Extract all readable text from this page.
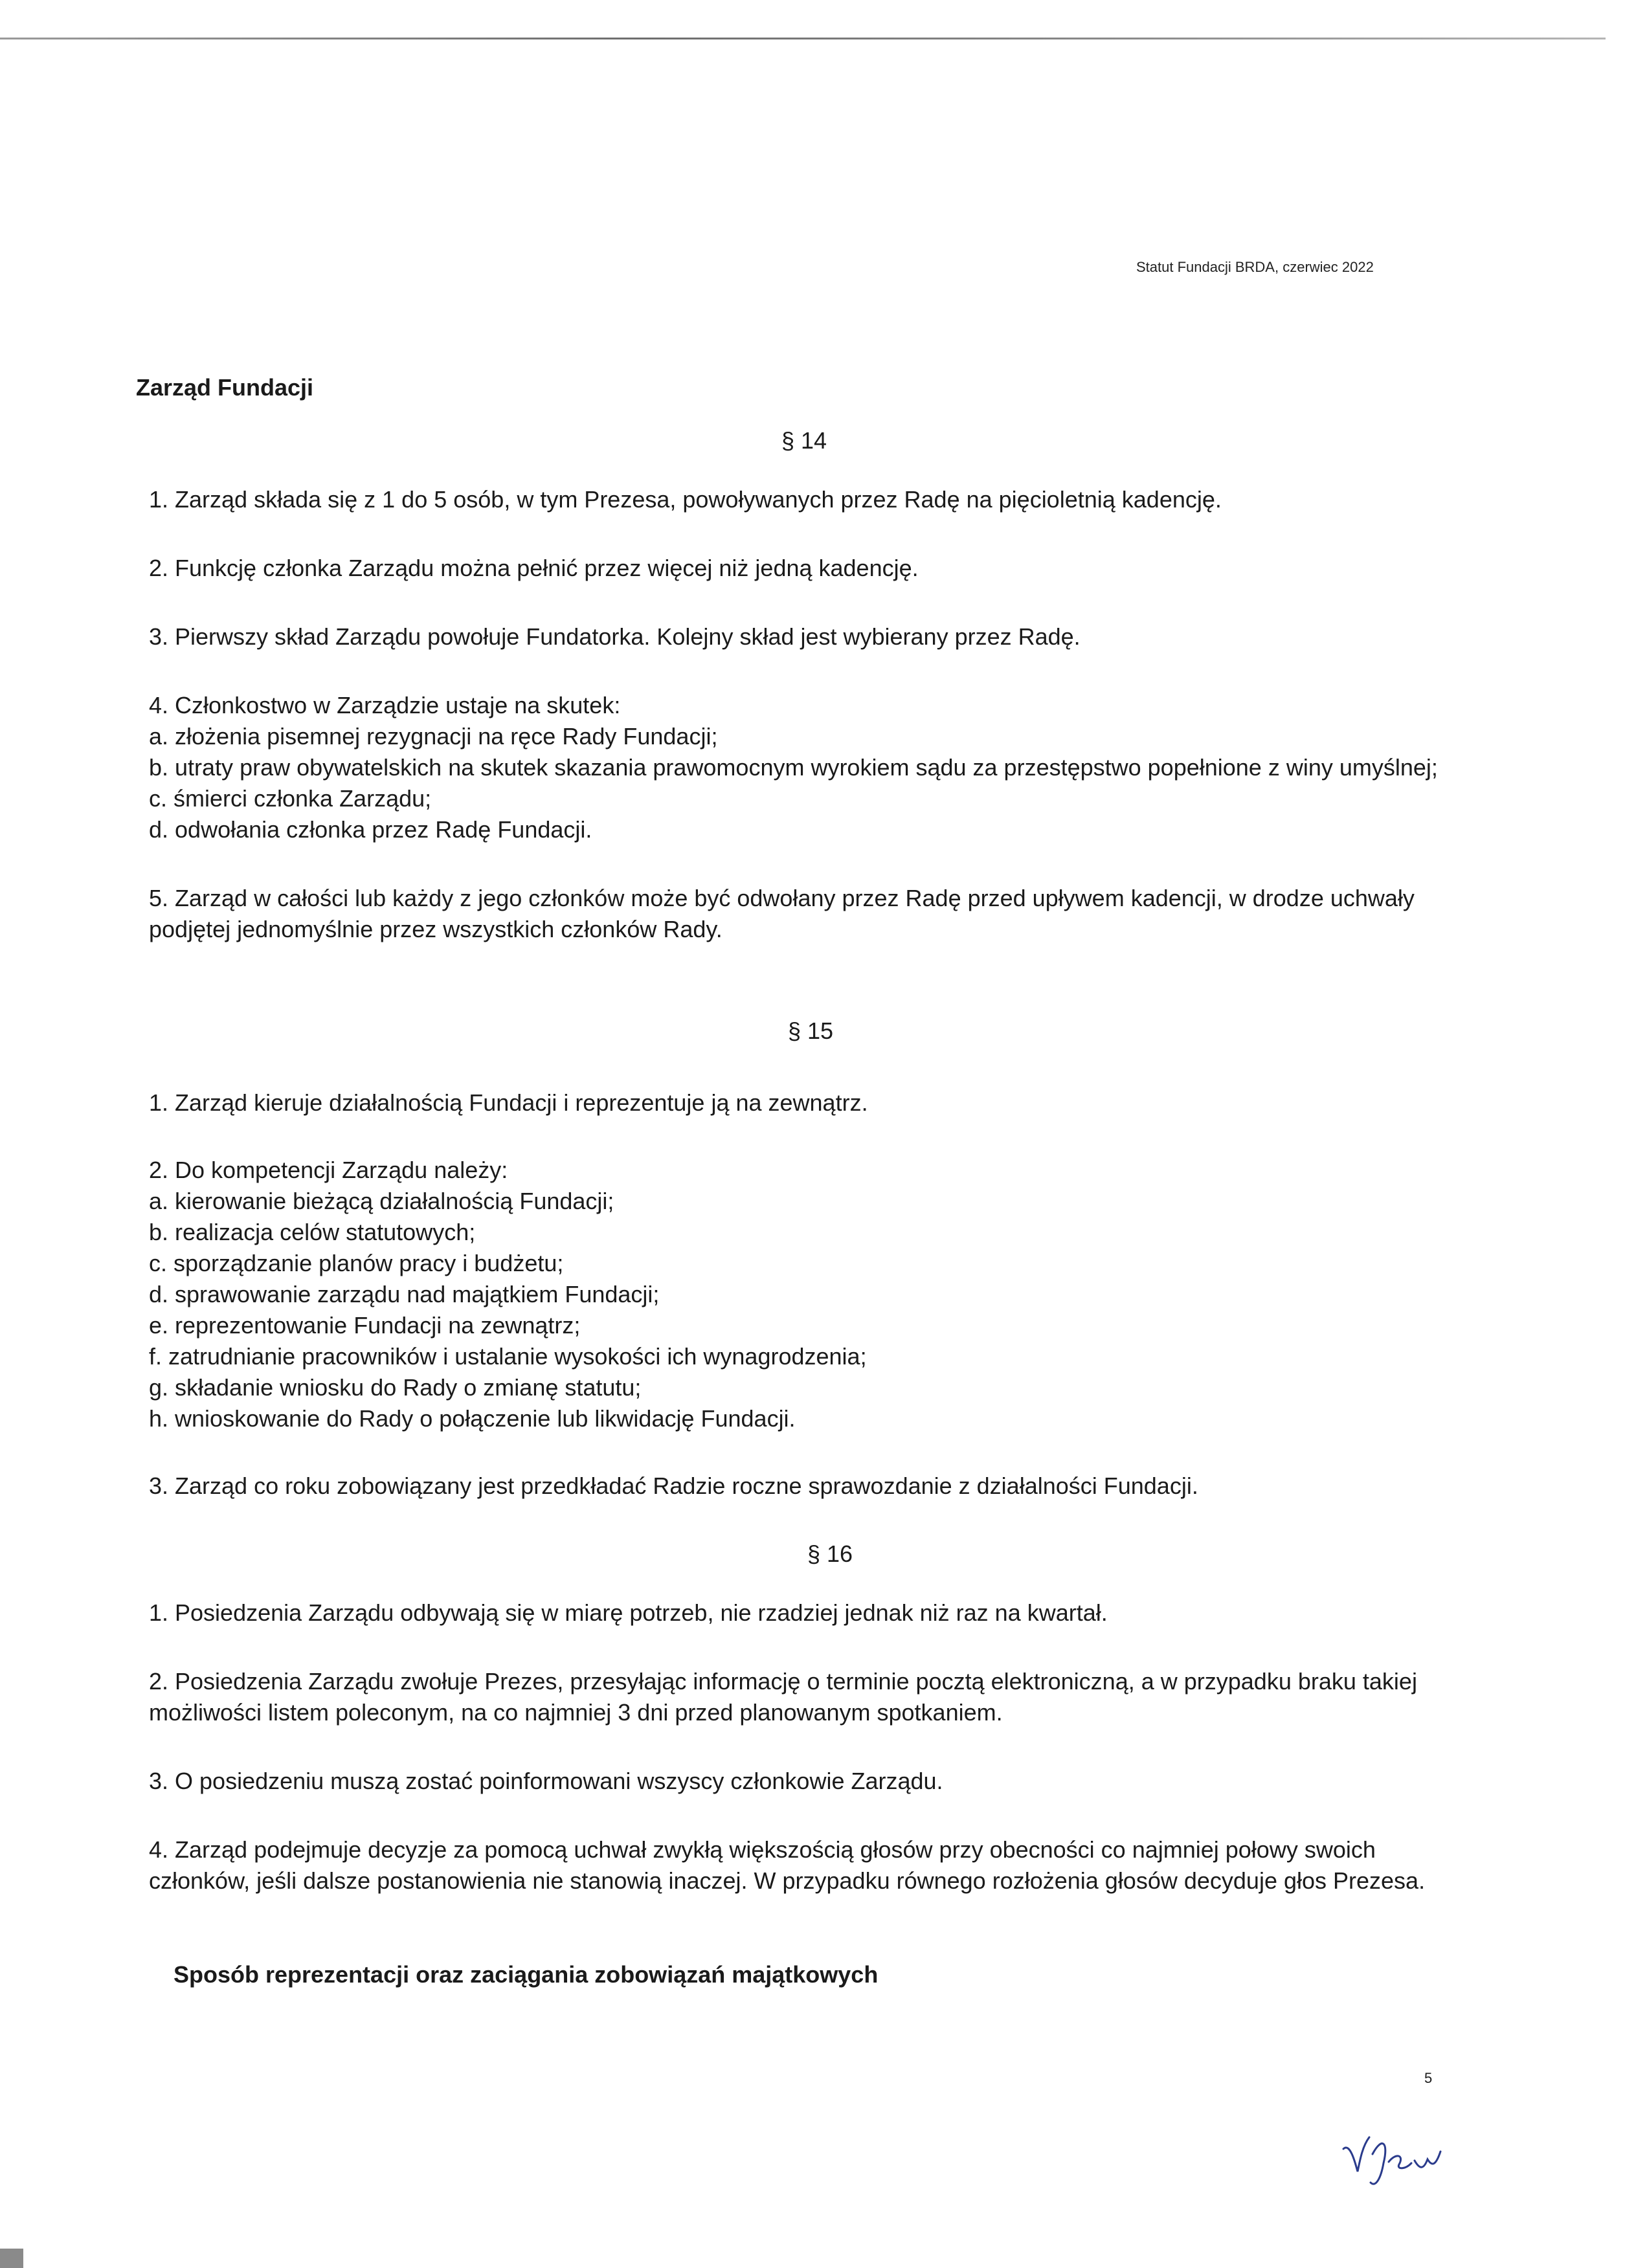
Statut Fundacji BRDA, czerwiec 2022
Zarząd Fundacji
§ 14

1. Zarząd składa się z 1 do 5 osób, w tym Prezesa, powoływanych przez Radę na pięcioletnią kadencję.

2. Funkcję członka Zarządu można pełnić przez więcej niż jedną kadencję.

3. Pierwszy skład Zarządu powołuje Fundatorka. Kolejny skład jest wybierany przez Radę.

4. Członkostwo w Zarządzie ustaje na skutek:

a. złożenia pisemnej rezygnacji na ręce Rady Fundacji;

b. utraty praw obywatelskich na skutek skazania prawomocnym wyrokiem sądu za przestępstwo popełnione z winy umyślnej;

c. śmierci członka Zarządu;

d. odwołania członka przez Radę Fundacji.

5. Zarząd w całości lub każdy z jego członków może być odwołany przez Radę przed upływem kadencji, w drodze uchwały podjętej jednomyślnie przez wszystkich członków Rady.

§ 15

1. Zarząd kieruje działalnością Fundacji i reprezentuje ją na zewnątrz.

2. Do kompetencji Zarządu należy:

a. kierowanie bieżącą działalnością Fundacji;

b. realizacja celów statutowych;

c. sporządzanie planów pracy i budżetu;

d. sprawowanie zarządu nad majątkiem Fundacji;

e. reprezentowanie Fundacji na zewnątrz;

f. zatrudnianie pracowników i ustalanie wysokości ich wynagrodzenia;

g. składanie wniosku do Rady o zmianę statutu;

h. wnioskowanie do Rady o połączenie lub likwidację Fundacji.

3. Zarząd co roku zobowiązany jest przedkładać Radzie roczne sprawozdanie z działalności Fundacji.

§ 16

1. Posiedzenia Zarządu odbywają się w miarę potrzeb, nie rzadziej jednak niż raz na kwartał.

2. Posiedzenia Zarządu zwołuje Prezes, przesyłając informację o terminie pocztą elektroniczną, a w przypadku braku takiej możliwości listem poleconym, na co najmniej 3 dni przed planowanym spotkaniem.

3. O posiedzeniu muszą zostać poinformowani wszyscy członkowie Zarządu.

4. Zarząd podejmuje decyzje za pomocą uchwał zwykłą większością głosów przy obecności co najmniej połowy swoich członków, jeśli dalsze postanowienia nie stanowią inaczej. W przypadku równego rozłożenia głosów decyduje głos Prezesa.

Sposób reprezentacji oraz zaciągania zobowiązań majątkowych
5
